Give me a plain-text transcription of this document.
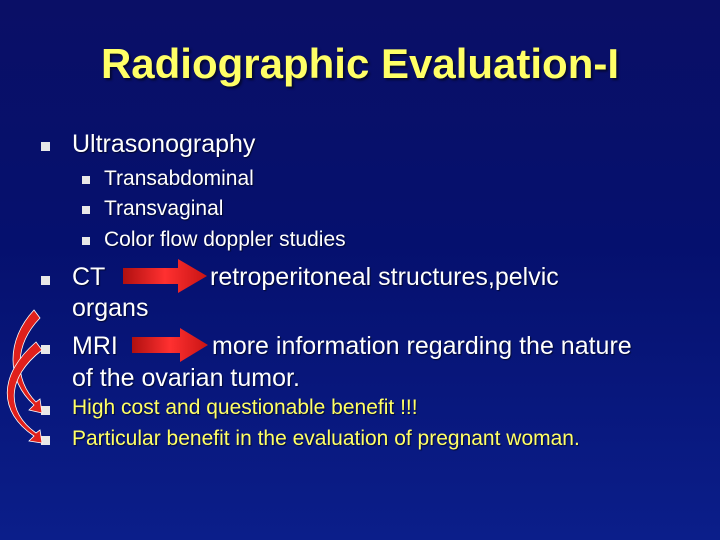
Radiographic Evaluation-I
Ultrasonography
Transabdominal
Transvaginal
Color flow doppler studies
CT	retroperitoneal structures,pelvic
organs
MRI	more information regarding the nature
of the ovarian tumor.
High cost and questionable benefit !!!
Particular benefit in the evaluation of pregnant woman.
